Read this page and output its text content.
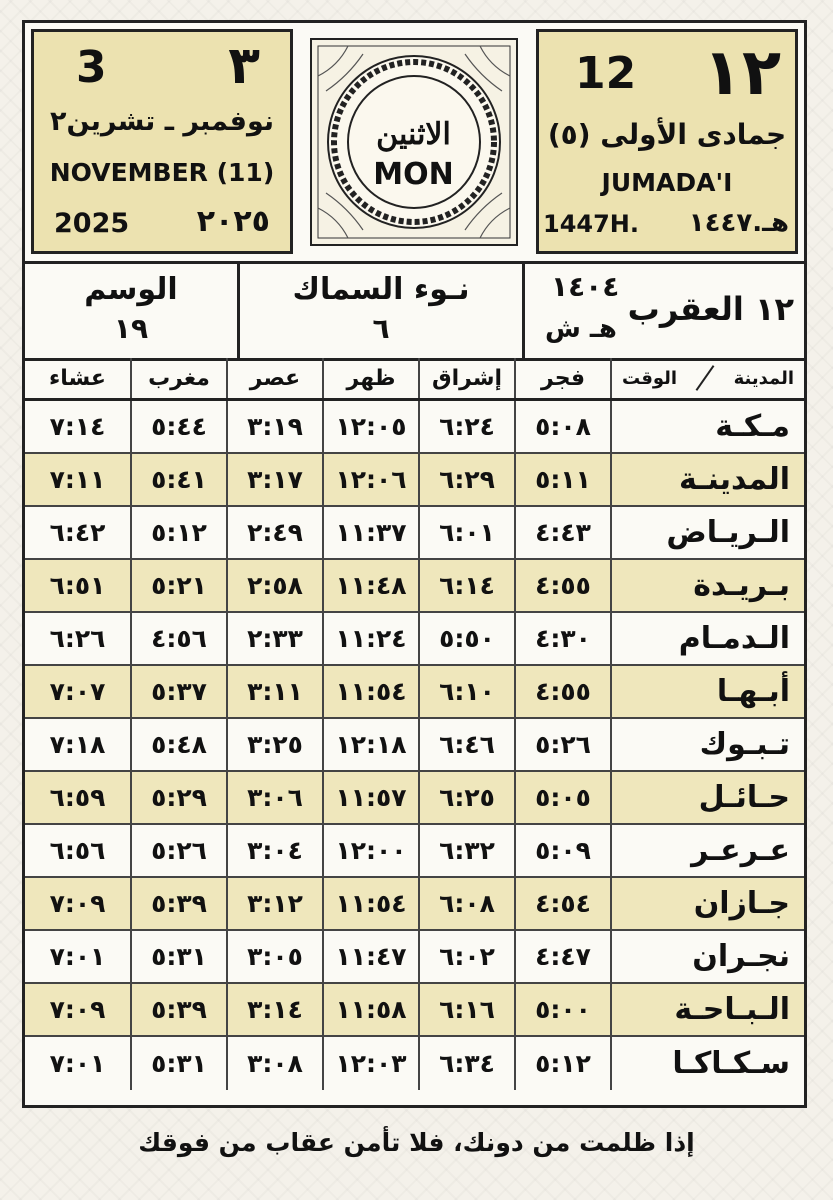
3 ٣
نوفمبر ـ تشرين٢
NOVEMBER (11)
2025 ٢٠٢٥
الاثنين
MON
12 ١٢
جمادى الأولى (٥)
JUMADA'I
1447H. هـ.١٤٤٧
١٢ العقرب
١٤٠٤
هـ ش
نـوء السماك
٦
الوسم
١٩
المدينة
الوقت
فجر
إشراق
ظهر
عصر
مغرب
عشاء
مـكـة
٥:٠٨
٦:٢٤
١٢:٠٥
٣:١٩
٥:٤٤
٧:١٤
المدينـة
٥:١١
٦:٢٩
١٢:٠٦
٣:١٧
٥:٤١
٧:١١
الـريـاض
٤:٤٣
٦:٠١
١١:٣٧
٢:٤٩
٥:١٢
٦:٤٢
بـريـدة
٤:٥٥
٦:١٤
١١:٤٨
٢:٥٨
٥:٢١
٦:٥١
الـدمـام
٤:٣٠
٥:٥٠
١١:٢٤
٢:٣٣
٤:٥٦
٦:٢٦
أبـهـا
٤:٥٥
٦:١٠
١١:٥٤
٣:١١
٥:٣٧
٧:٠٧
تـبـوك
٥:٢٦
٦:٤٦
١٢:١٨
٣:٢٥
٥:٤٨
٧:١٨
حـائـل
٥:٠٥
٦:٢٥
١١:٥٧
٣:٠٦
٥:٢٩
٦:٥٩
عـرعـر
٥:٠٩
٦:٣٢
١٢:٠٠
٣:٠٤
٥:٢٦
٦:٥٦
جـازان
٤:٥٤
٦:٠٨
١١:٥٤
٣:١٢
٥:٣٩
٧:٠٩
نجـران
٤:٤٧
٦:٠٢
١١:٤٧
٣:٠٥
٥:٣١
٧:٠١
الـبـاحـة
٥:٠٠
٦:١٦
١١:٥٨
٣:١٤
٥:٣٩
٧:٠٩
سـكـاكـا
٥:١٢
٦:٣٤
١٢:٠٣
٣:٠٨
٥:٣١
٧:٠١
إذا ظلمت من دونك، فلا تأمن عقاب من فوقك
